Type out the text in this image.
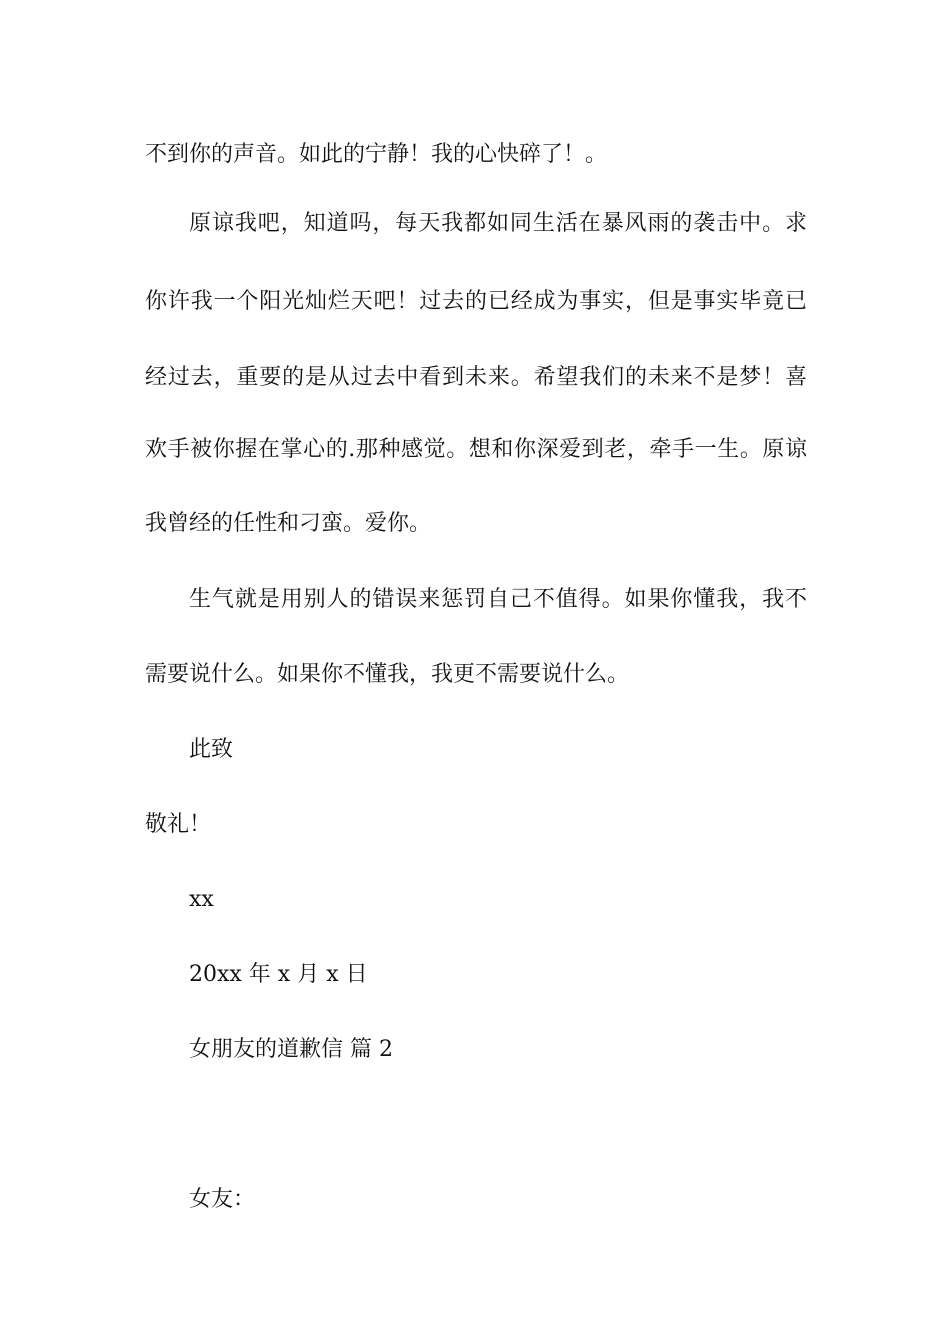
不到你的声音。如此的宁静！我的心快碎了！。
原谅我吧，知道吗，每天我都如同生活在暴风雨的袭击中。求
你许我一个阳光灿烂天吧！过去的已经成为事实，但是事实毕竟已
经过去，重要的是从过去中看到未来。希望我们的未来不是梦！喜
欢手被你握在掌心的.那种感觉。想和你深爱到老，牵手一生。原谅
我曾经的任性和刁蛮。爱你。
生气就是用别人的错误来惩罚自己不值得。如果你懂我，我不
需要说什么。如果你不懂我，我更不需要说什么。
此致
敬礼！
xx
20xx 年 x 月 x 日
女朋友的道歉信 篇 2
女友：
